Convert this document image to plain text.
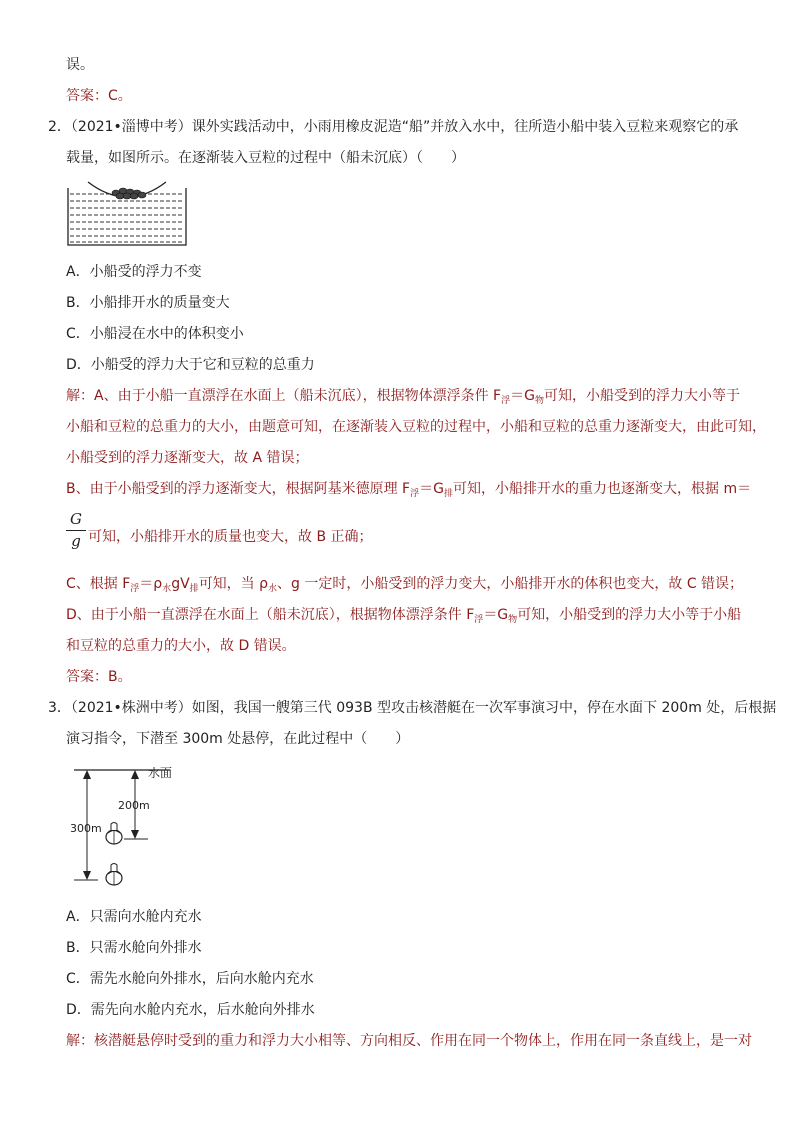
误。
答案：C。
2．（2021•淄博中考）课外实践活动中，小雨用橡皮泥造“船”并放入水中，往所造小船中装入豆粒来观察它的承
载量，如图所示。在逐渐装入豆粒的过程中（船未沉底）（　　）
A．小船受的浮力不变
B．小船排开水的质量变大
C．小船浸在水中的体积变小
D．小船受的浮力大于它和豆粒的总重力
解：A、由于小船一直漂浮在水面上（船未沉底），根据物体漂浮条件 $F_浮=G_物$可知，小船受到的浮力大小等于
小船和豆粒的总重力的大小，由题意可知，在逐渐装入豆粒的过程中，小船和豆粒的总重力逐渐变大，由此可知，
小船受到的浮力逐渐变大，故 A 错误；
B、由于小船受到的浮力逐渐变大，根据阿基米德原理 $F_浮=G_排$可知，小船排开水的重力也逐渐变大，根据 m＝
G
g 可知，小船排开水的质量也变大，故 B 正确；
C、根据 $F_浮=\rho_水gV_排$可知，当 $\rho_水$、g 一定时，小船受到的浮力变大，小船排开水的体积也变大，故 C 错误；
D、由于小船一直漂浮在水面上（船未沉底），根据物体漂浮条件 $F_浮=G_物$可知，小船受到的浮力大小等于小船
和豆粒的总重力的大小，故 D 错误。
答案：B。
3．（2021•株洲中考）如图，我国一艘第三代 093B 型攻击核潜艇在一次军事演习中，停在水面下 200m 处，后根据
演习指令，下潜至 300m 处悬停，在此过程中（　　）
水面
200m
300m
A．只需向水舱内充水
B．只需水舱向外排水
C．需先水舱向外排水，后向水舱内充水
D．需先向水舱内充水，后水舱向外排水
解：核潜艇悬停时受到的重力和浮力大小相等、方向相反、作用在同一个物体上，作用在同一条直线上，是一对
